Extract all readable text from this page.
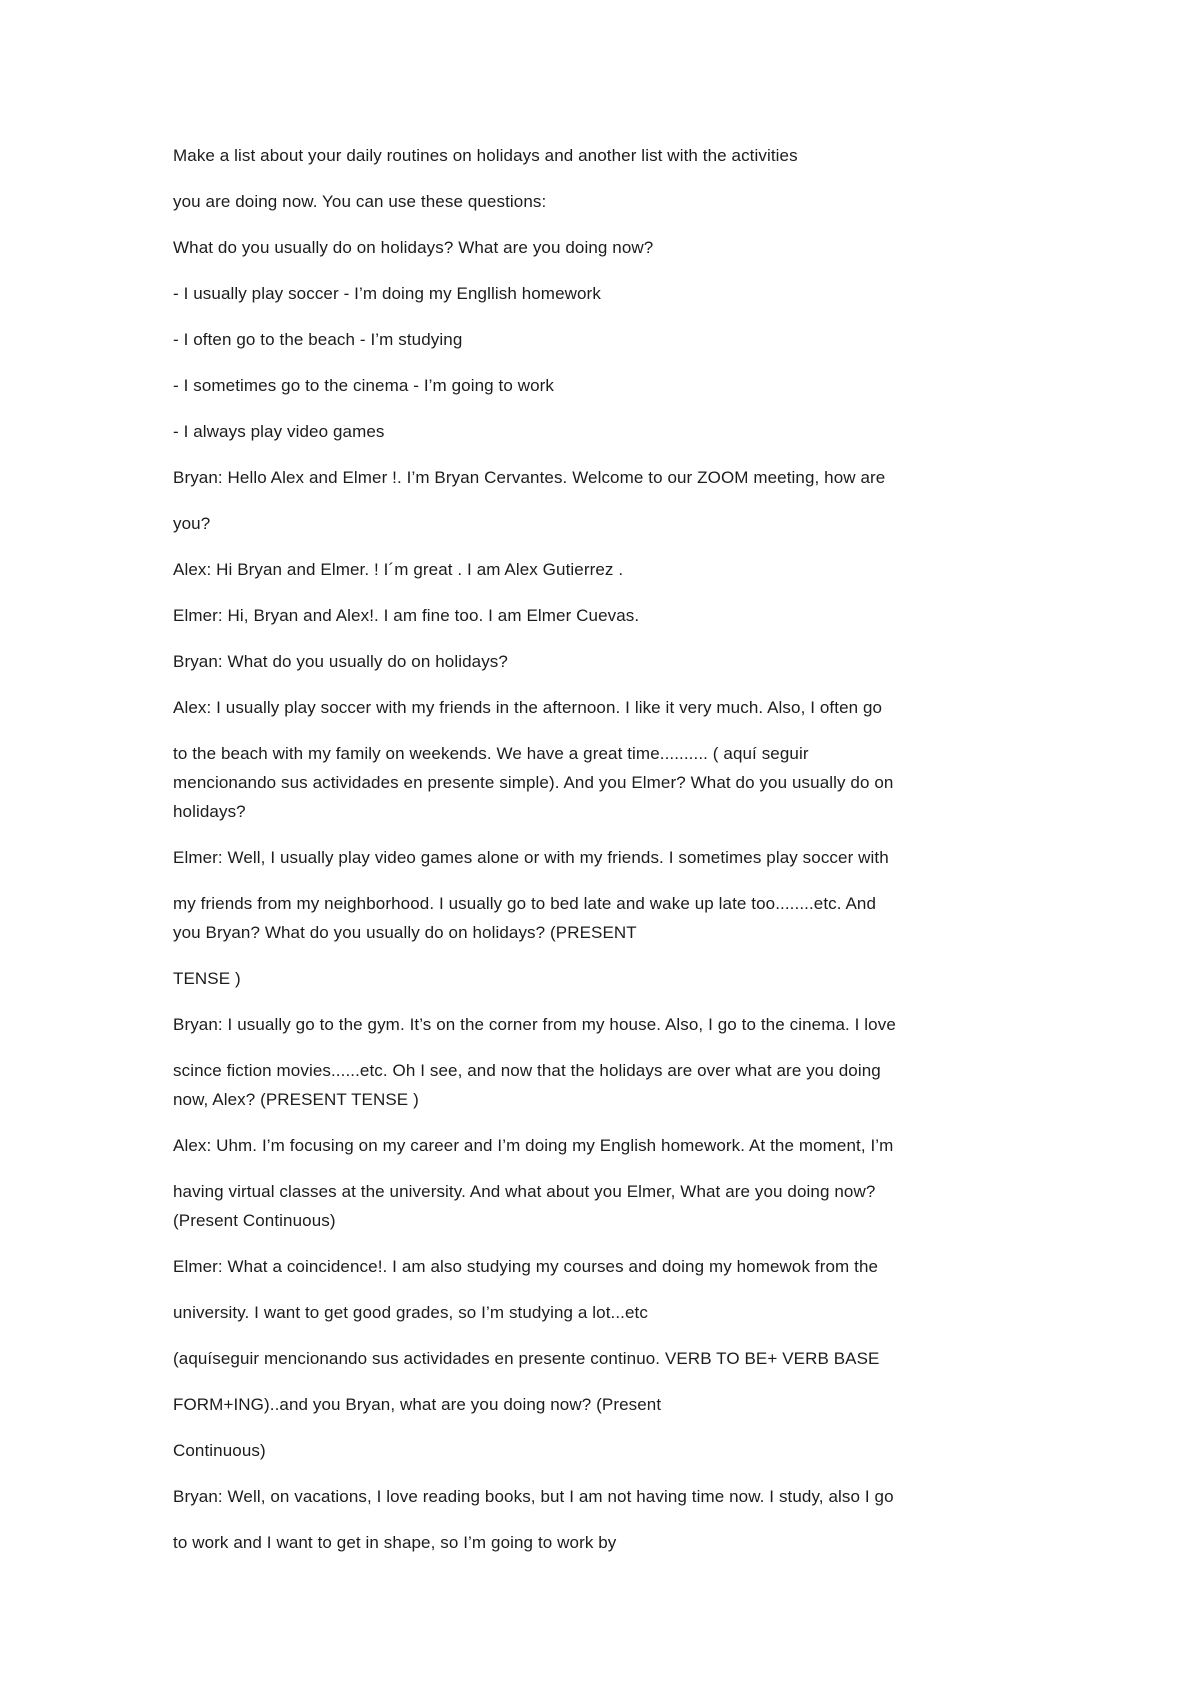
Make a list about your daily routines on holidays and another list with the activities

you are doing now. You can use these questions:

What do you usually do on holidays? What are you doing now?

- I usually play soccer - I’m doing my Engllish homework

- I often go to the beach - I’m studying

- I sometimes go to the cinema - I’m going to work

- I always play video games

Bryan: Hello Alex and Elmer !. I’m Bryan Cervantes. Welcome to our ZOOM meeting, how are

you?

Alex: Hi Bryan and Elmer. ! I´m great . I am Alex Gutierrez .

Elmer: Hi, Bryan and Alex!. I am fine too. I am Elmer Cuevas.

Bryan: What do you usually do on holidays?

Alex: I usually play soccer with my friends in the afternoon. I like it very much. Also, I often go

to the beach with my family on weekends. We have a great time.......... ( aquí seguir

mencionando sus actividades en presente simple). And you Elmer? What do you usually do on

holidays?

Elmer: Well, I usually play video games alone or with my friends. I sometimes play soccer with

my friends from my neighborhood. I usually go to bed late and wake up late too........etc. And

you Bryan? What do you usually do on holidays? (PRESENT

TENSE )

Bryan: I usually go to the gym. It’s on the corner from my house. Also, I go to the cinema. I love

scince fiction movies......etc. Oh I see, and now that the holidays are over what are you doing

now, Alex? (PRESENT TENSE )

Alex: Uhm. I’m focusing on my career and I’m doing my English homework. At the moment, I’m

having virtual classes at the university. And what about you Elmer, What are you doing now?

(Present Continuous)

Elmer: What a coincidence!. I am also studying my courses and doing my homewok from the

university. I want to get good grades, so I’m studying a lot...etc

(aquíseguir mencionando sus actividades en presente continuo. VERB TO BE+ VERB BASE

FORM+ING)..and you Bryan, what are you doing now? (Present

Continuous)

Bryan: Well, on vacations, I love reading books, but I am not having time now. I study, also I go

to work and I want to get in shape, so I’m going to work by
